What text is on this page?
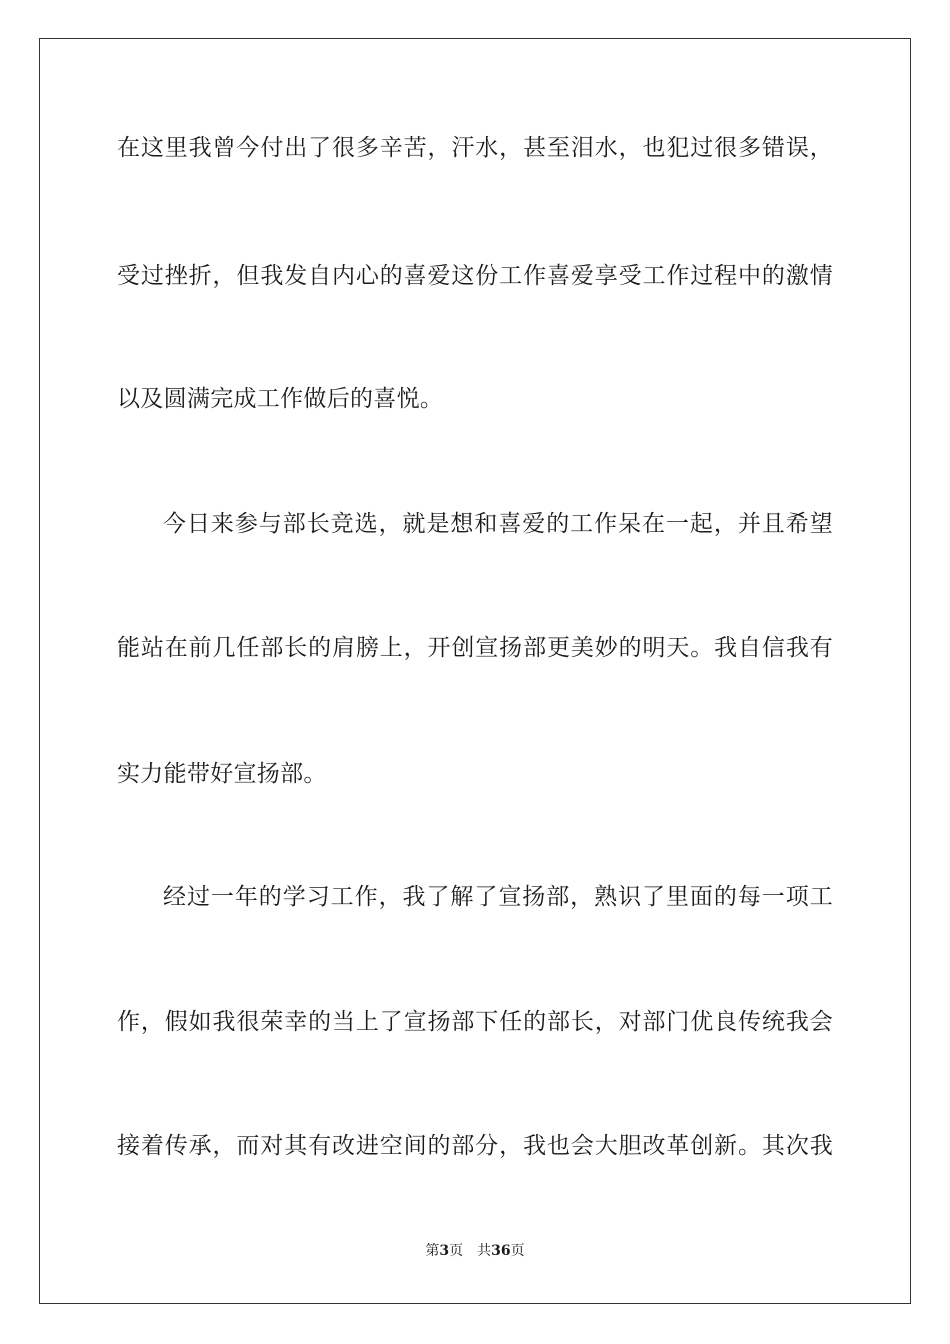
在这里我曾今付出了很多辛苦，汗水，甚至泪水，也犯过很多错误，
受过挫折，但我发自内心的喜爱这份工作喜爱享受工作过程中的激情
以及圆满完成工作做后的喜悦。
今日来参与部长竞选，就是想和喜爱的工作呆在一起，并且希望
能站在前几任部长的肩膀上，开创宣扬部更美妙的明天。我自信我有
实力能带好宣扬部。
经过一年的学习工作，我了解了宣扬部，熟识了里面的每一项工
作，假如我很荣幸的当上了宣扬部下任的部长，对部门优良传统我会
接着传承，而对其有改进空间的部分，我也会大胆改革创新。其次我
第3页 共36页
